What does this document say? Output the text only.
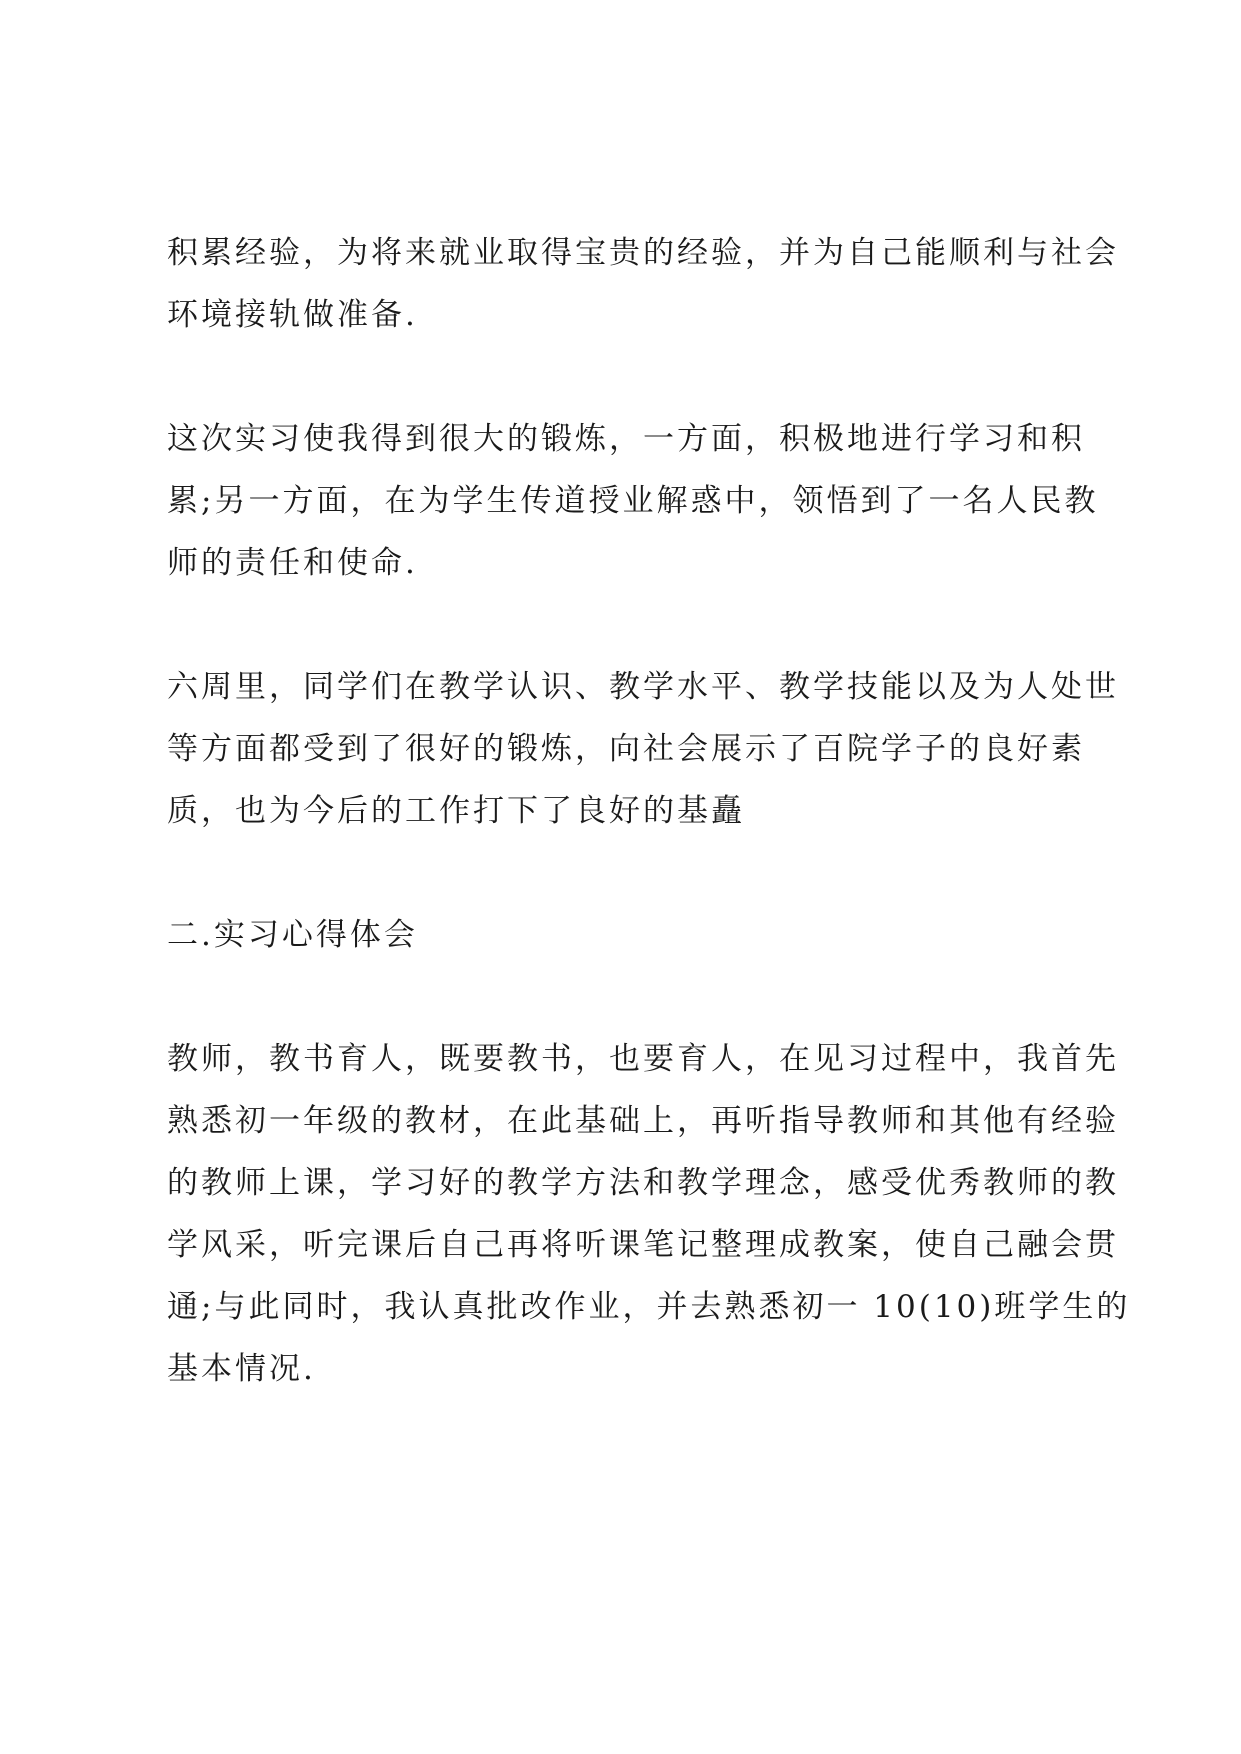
积累经验，为将来就业取得宝贵的经验，并为自己能顺利与社会
环境接轨做准备.

这次实习使我得到很大的锻炼，一方面，积极地进行学习和积
累;另一方面，在为学生传道授业解惑中，领悟到了一名人民教
师的责任和使命.

六周里，同学们在教学认识、教学水平、教学技能以及为人处世
等方面都受到了很好的锻炼，向社会展示了百院学子的良好素
质，也为今后的工作打下了良好的基矗

二.实习心得体会

教师，教书育人，既要教书，也要育人，在见习过程中，我首先
熟悉初一年级的教材，在此基础上，再听指导教师和其他有经验
的教师上课，学习好的教学方法和教学理念，感受优秀教师的教
学风采，听完课后自己再将听课笔记整理成教案，使自己融会贯
通;与此同时，我认真批改作业，并去熟悉初一 10(10)班学生的
基本情况.
